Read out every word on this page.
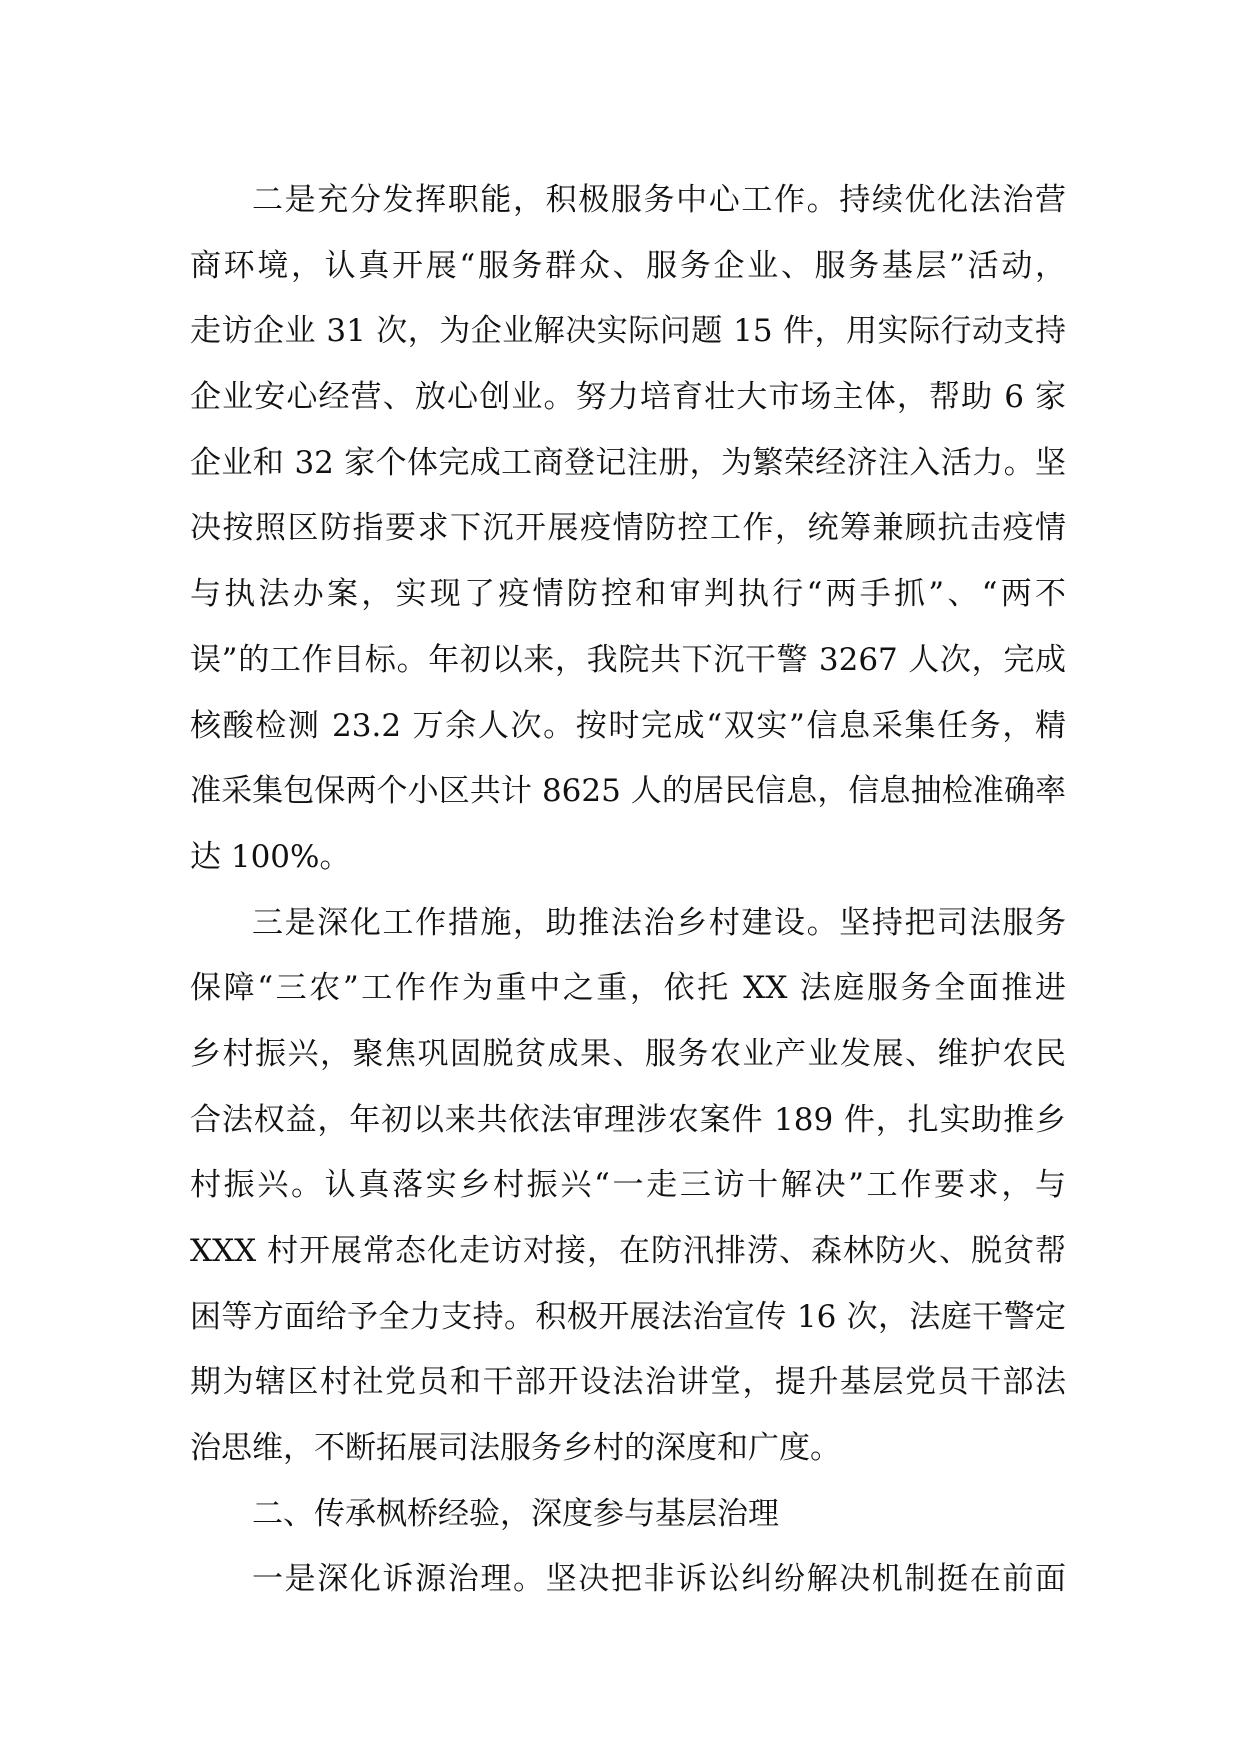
二是充分发挥职能，积极服务中心工作。持续优化法治营
商环境，认真开展“服务群众、服务企业、服务基层”活动，
走访企业 31 次，为企业解决实际问题 15 件，用实际行动支持
企业安心经营、放心创业。努力培育壮大市场主体，帮助 6 家
企业和 32 家个体完成工商登记注册，为繁荣经济注入活力。坚
决按照区防指要求下沉开展疫情防控工作，统筹兼顾抗击疫情
与执法办案，实现了疫情防控和审判执行“两手抓”、“两不
误”的工作目标。年初以来，我院共下沉干警 3267 人次，完成
核酸检测 23.2 万余人次。按时完成“双实”信息采集任务，精
准采集包保两个小区共计 8625 人的居民信息，信息抽检准确率
达 100%。
三是深化工作措施，助推法治乡村建设。坚持把司法服务
保障“三农”工作作为重中之重，依托 XX 法庭服务全面推进
乡村振兴，聚焦巩固脱贫成果、服务农业产业发展、维护农民
合法权益，年初以来共依法审理涉农案件 189 件，扎实助推乡
村振兴。认真落实乡村振兴“一走三访十解决”工作要求，与
XXX 村开展常态化走访对接，在防汛排涝、森林防火、脱贫帮
困等方面给予全力支持。积极开展法治宣传 16 次，法庭干警定
期为辖区村社党员和干部开设法治讲堂，提升基层党员干部法
治思维，不断拓展司法服务乡村的深度和广度。
二、传承枫桥经验，深度参与基层治理
一是深化诉源治理。坚决把非诉讼纠纷解决机制挺在前面
